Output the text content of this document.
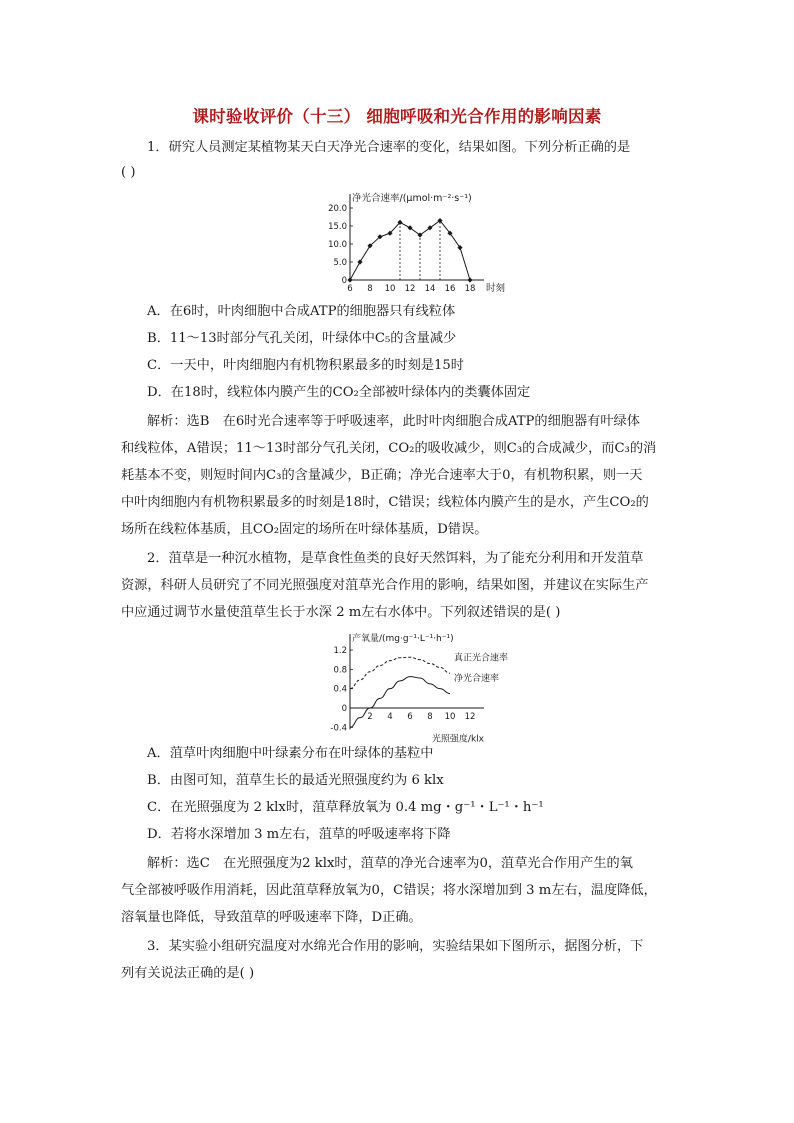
课时验收评价（十三） 细胞呼吸和光合作用的影响因素
1．研究人员测定某植物某天白天净光合速率的变化，结果如图。下列分析正确的是
( )
净光合速率/(μmol·m⁻²·s⁻¹)
时刻
0
5.0
10.0
15.0
20.0
6 8 10 12 14 16 18
A．在6时，叶肉细胞中合成ATP的细胞器只有线粒体
B．11～13时部分气孔关闭，叶绿体中C₅的含量减少
C．一天中，叶肉细胞内有机物积累最多的时刻是15时
D．在18时，线粒体内膜产生的CO₂全部被叶绿体内的类囊体固定
解析：选B　在6时光合速率等于呼吸速率，此时叶肉细胞合成ATP的细胞器有叶绿体
和线粒体，A错误；11～13时部分气孔关闭，CO₂的吸收减少，则C₃的合成减少，而C₃的消
耗基本不变，则短时间内C₃的含量减少，B正确；净光合速率大于0，有机物积累，则一天
中叶肉细胞内有机物积累最多的时刻是18时，C错误；线粒体内膜产生的是水，产生CO₂的
场所在线粒体基质，且CO₂固定的场所在叶绿体基质，D错误。
2．菹草是一种沉水植物，是草食性鱼类的良好天然饵料，为了能充分利用和开发菹草
资源，科研人员研究了不同光照强度对菹草光合作用的影响，结果如图，并建议在实际生产
中应通过调节水量使菹草生长于水深 2 m左右水体中。下列叙述错误的是( )
产氧量/(mg·g⁻¹·L⁻¹·h⁻¹)
-0.4
0
0.4
0.8
1.2
2 4 6 8 10 12
光照强度/klx
真正光合速率
净光合速率
A．菹草叶肉细胞中叶绿素分布在叶绿体的基粒中
B．由图可知，菹草生长的最适光照强度约为 6 klx
C．在光照强度为 2 klx时，菹草释放氧为 0.4 mg・g⁻¹・L⁻¹・h⁻¹
D．若将水深增加 3 m左右，菹草的呼吸速率将下降
解析：选C　在光照强度为2 klx时，菹草的净光合速率为0，菹草光合作用产生的氧
气全部被呼吸作用消耗，因此菹草释放氧为0，C错误；将水深增加到 3 m左右，温度降低，
溶氧量也降低，导致菹草的呼吸速率下降，D正确。
3．某实验小组研究温度对水绵光合作用的影响，实验结果如下图所示，据图分析，下
列有关说法正确的是( )
